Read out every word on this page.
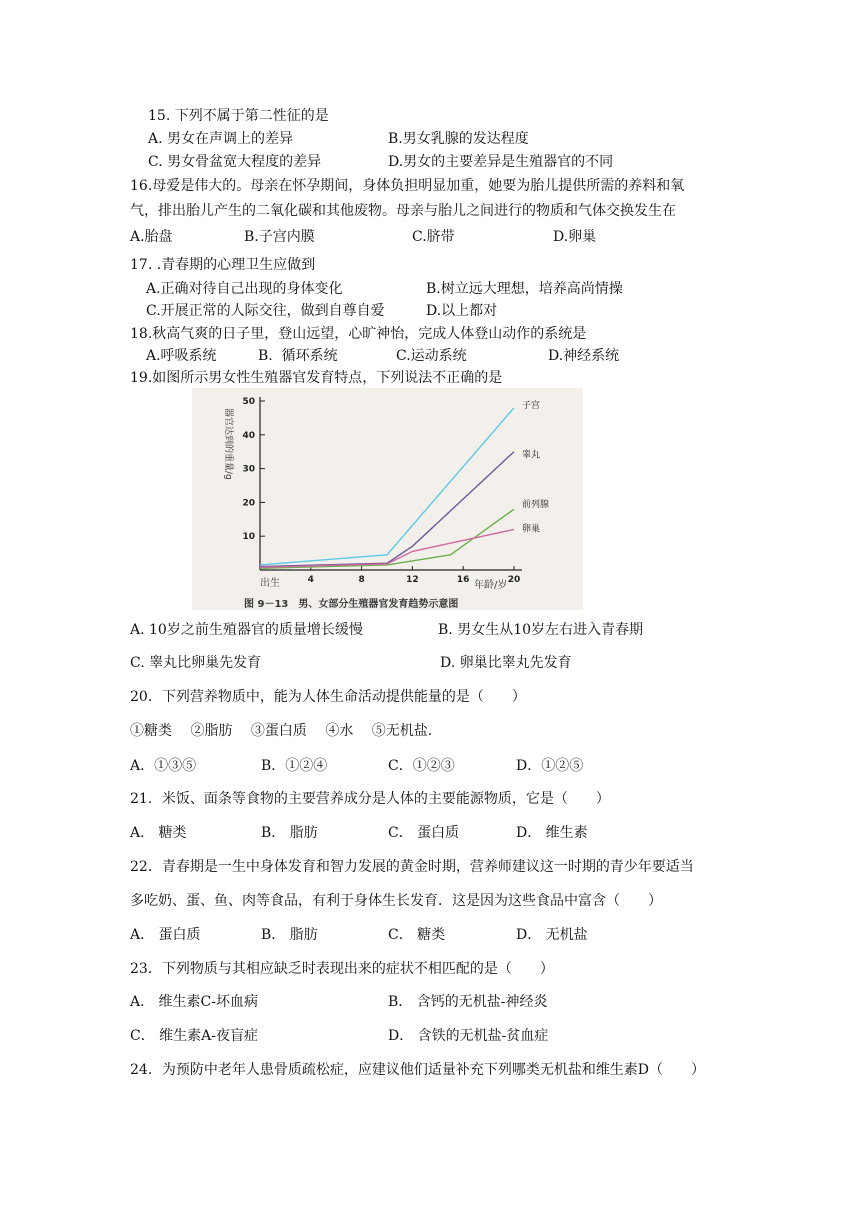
15. 下列不属于第二性征的是
A. 男女在声调上的差异	B.男女乳腺的发达程度
C. 男女骨盆宽大程度的差异	D.男女的主要差异是生殖器官的不同
16.母爱是伟大的。母亲在怀孕期间，身体负担明显加重，她要为胎儿提供所需的养料和氧
气，排出胎儿产生的二氧化碳和其他废物。母亲与胎儿之间进行的物质和气体交换发生在
A.胎盘	B.子宫内膜	C.脐带	D.卵巢
17. .青春期的心理卫生应做到
A.正确对待自己出现的身体变化	B.树立远大理想，培养高尚情操
C.开展正常的人际交往，做到自尊自爱	D.以上都对
18.秋高气爽的日子里，登山远望，心旷神怡，完成人体登山动作的系统是
A.呼吸系统	B.  循环系统	C.运动系统	D.神经系统
19.如图所示男女性生殖器官发育特点，下列说法不正确的是
10
20
30
40
50
4	8	12	16	20
子宫
睾丸
前列腺
卵巢
器官达到的重量/g
年龄/岁
出生
图 9－13　男、女部分生殖器官发育趋势示意图
A. 10岁之前生殖器官的质量增长缓慢	B. 男女生从10岁左右进入青春期
C. 睾丸比卵巢先发育	D. 卵巢比睾丸先发育
20．下列营养物质中，能为人体生命活动提供能量的是（　　）
①糖类　 ②脂肪　 ③蛋白质　 ④水　 ⑤无机盐.
A．①③⑤	B．①②④	C．①②③	D．①②⑤
21．米饭、面条等食物的主要营养成分是人体的主要能源物质，它是（　　）
A． 糖类	B． 脂肪	C． 蛋白质	D． 维生素
22．青春期是一生中身体发育和智力发展的黄金时期，营养师建议这一时期的青少年要适当
多吃奶、蛋、鱼、肉等食品，有利于身体生长发育．这是因为这些食品中富含（　　）
A． 蛋白质	B． 脂肪	C． 糖类	D． 无机盐
23．下列物质与其相应缺乏时表现出来的症状不相匹配的是（　　）
A． 维生素C-坏血病	B． 含钙的无机盐-神经炎
C． 维生素A-夜盲症	D． 含铁的无机盐-贫血症
24．为预防中老年人患骨质疏松症，应建议他们适量补充下列哪类无机盐和维生素D（　　）
